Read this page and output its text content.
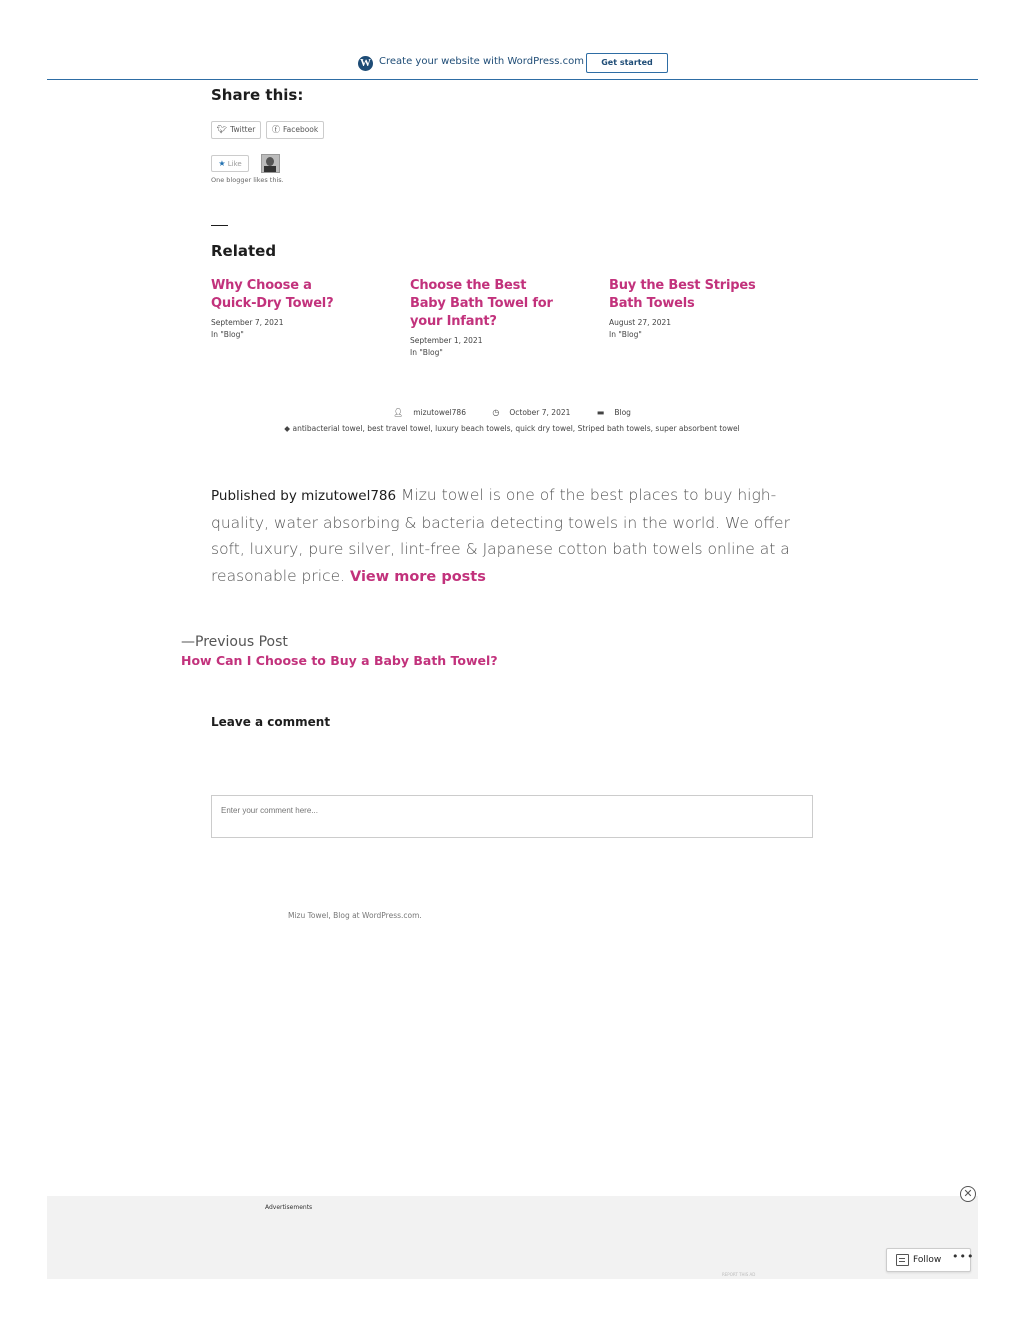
W Create your website with WordPress.com	Get started
Share this:
🐦︎ Twitter	ⓕ Facebook
★ Like
One blogger likes this.
Related
Why Choose a Quick-Dry Towel?
September 7, 2021
In "Blog"
Choose the Best Baby Bath Towel for your Infant?
September 1, 2021
In "Blog"
Buy the Best Stripes Bath Towels
August 27, 2021
In "Blog"
👤︎ mizutowel786	◷ October 7, 2021	▬ Blog
◆ antibacterial towel, best travel towel, luxury beach towels, quick dry towel, Striped bath towels, super absorbent towel
Published by mizutowel786 Mizu towel is one of the best places to buy high-quality, water absorbing & bacteria detecting towels in the world. We offer soft, luxury, pure silver, lint-free & Japanese cotton bath towels online at a reasonable price. View more posts
—Previous Post
How Can I Choose to Buy a Baby Bath Towel?
Leave a comment
Enter your comment here...
Mizu Towel, Blog at WordPress.com.
Advertisements
REPORT THIS AD
✕
Follow •••
